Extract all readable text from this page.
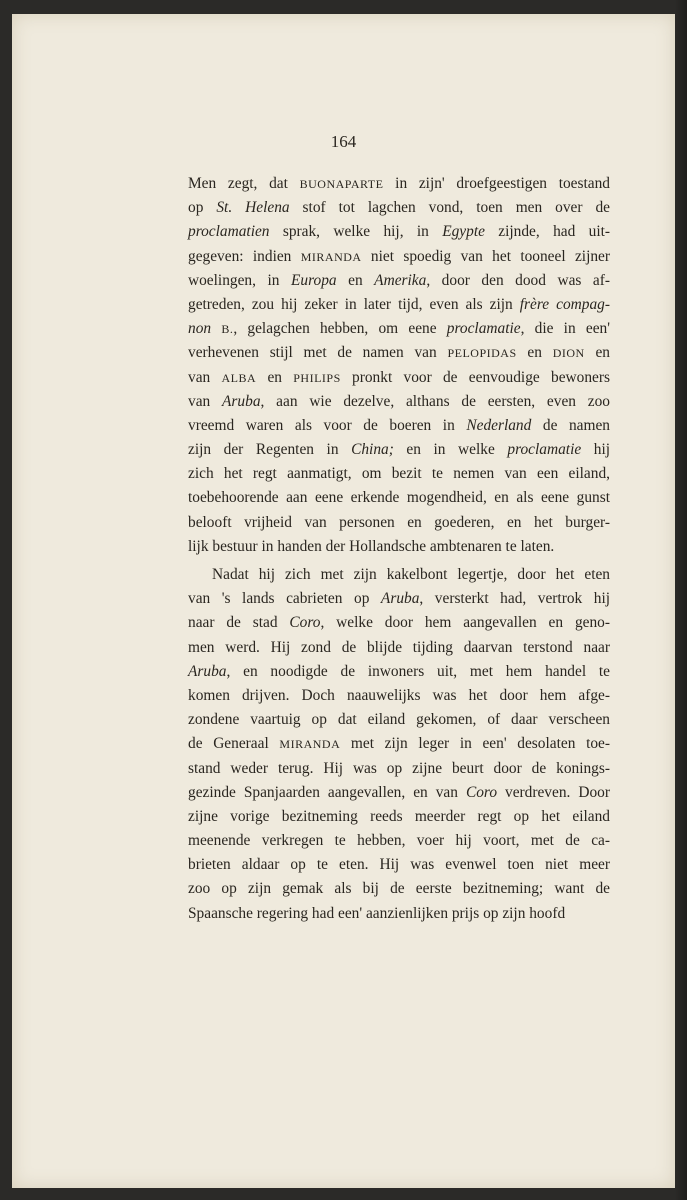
164
Men zegt, dat BUONAPARTE in zijn' droefgeestigen toestand
op St. Helena stof tot lagchen vond, toen men over de
proclamatien sprak, welke hij, in Egypte zijnde, had uit-
gegeven: indien MIRANDA niet spoedig van het tooneel zijner
woelingen, in Europa en Amerika, door den dood was af-
getreden, zou hij zeker in later tijd, even als zijn frère compag-
non B., gelagchen hebben, om eene proclamatie, die in een'
verhevenen stijl met de namen van PELOPIDAS en DION en
van ALBA en PHILIPS pronkt voor de eenvoudige bewoners
van Aruba, aan wie dezelve, althans de eersten, even zoo
vreemd waren als voor de boeren in Nederland de namen
zijn der Regenten in China; en in welke proclamatie hij
zich het regt aanmatigt, om bezit te nemen van een eiland,
toebehoorende aan eene erkende mogendheid, en als eene gunst
belooft vrijheid van personen en goederen, en het burger-
lijk bestuur in handen der Hollandsche ambtenaren te laten.
Nadat hij zich met zijn kakelbont legertje, door het eten
van 's lands cabrieten op Aruba, versterkt had, vertrok hij
naar de stad Coro, welke door hem aangevallen en geno-
men werd. Hij zond de blijde tijding daarvan terstond naar
Aruba, en noodigde de inwoners uit, met hem handel te
komen drijven. Doch naauwelijks was het door hem afge-
zondene vaartuig op dat eiland gekomen, of daar verscheen
de Generaal MIRANDA met zijn leger in een' desolaten toe-
stand weder terug. Hij was op zijne beurt door de konings-
gezinde Spanjaarden aangevallen, en van Coro verdreven. Door
zijne vorige bezitneming reeds meerder regt op het eiland
meenende verkregen te hebben, voer hij voort, met de ca-
brieten aldaar op te eten. Hij was evenwel toen niet meer
zoo op zijn gemak als bij de eerste bezitneming; want de
Spaansche regering had een' aanzienlijken prijs op zijn hoofd
